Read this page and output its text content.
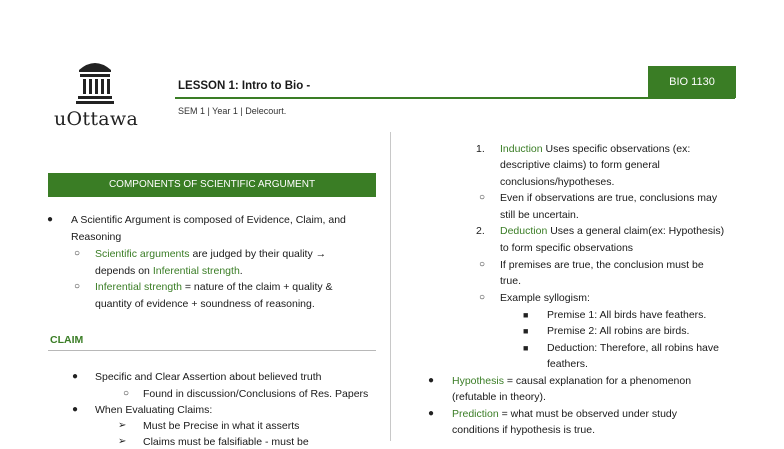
uOttawa
LESSON 1: Intro to Bio -	BIO 1130
SEM 1 | Year 1 | Delecourt.
COMPONENTS OF SCIENTIFIC ARGUMENT
● A Scientific Argument is composed of Evidence, Claim, and
Reasoning
○ Scientific arguments are judged by their quality →
depends on Inferential strength.
○ Inferential strength = nature of the claim + quality &
quantity of evidence + soundness of reasoning.
CLAIM
● Specific and Clear Assertion about believed truth
○ Found in discussion/Conclusions of Res. Papers
● When Evaluating Claims:
➢ Must be Precise in what it asserts
➢ Claims must be falsifiable - must be
1. Induction Uses specific observations (ex:
descriptive claims) to form general
conclusions/hypotheses.
○ Even if observations are true, conclusions may
still be uncertain.
2. Deduction Uses a general claim(ex: Hypothesis)
to form specific observations
○ If premises are true, the conclusion must be
true.
○ Example syllogism:
■ Premise 1: All birds have feathers.
■ Premise 2: All robins are birds.
■ Deduction: Therefore, all robins have
feathers.
● Hypothesis = causal explanation for a phenomenon
(refutable in theory).
● Prediction = what must be observed under study
conditions if hypothesis is true.
